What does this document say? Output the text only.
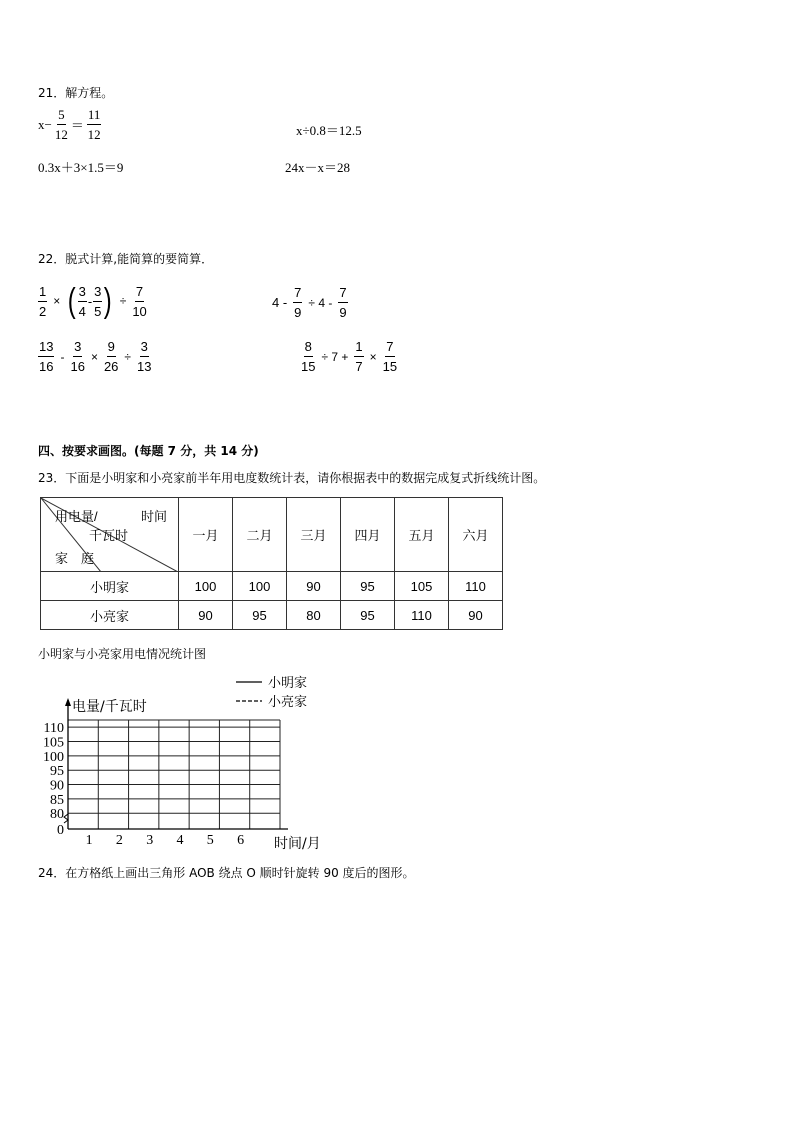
21．解方程。
$x- \frac{5}{12} = \frac{11}{12}$	x÷0.8＝12.5
0.3x＋3×1.5＝9	24x－x＝28
22．脱式计算,能简算的要简算．
$\frac{1}{2}$ × ( $\frac{3}{4} - \frac{3}{5}$ ) ÷ $\frac{7}{10}$	$4 - \frac{7}{9} \div 4 - \frac{7}{9}$
$\frac{13}{16} - \frac{3}{16} \times \frac{9}{26} \div \frac{3}{13}$	$\frac{8}{15} \div 7 + \frac{1}{7} \times \frac{7}{15}$
四、按要求画图。(每题 7 分，共 14 分)
23．下面是小明家和小亮家前半年用电度数统计表，请你根据表中的数据完成复式折线统计图。
用电量/ 时间
千瓦时
家　庭	一月	二月	三月	四月	五月	六月
小明家	100	100	90	95	105	110
小亮家	90	95	80	95	110	90
小明家与小亮家用电情况统计图
0
80
85
90
95
100
105
110
1 2 3 4 5 6
电量/千瓦时
时间/月
小明家
小亮家
24．在方格纸上画出三角形 AOB 绕点 O 顺时针旋转 90 度后的图形。
